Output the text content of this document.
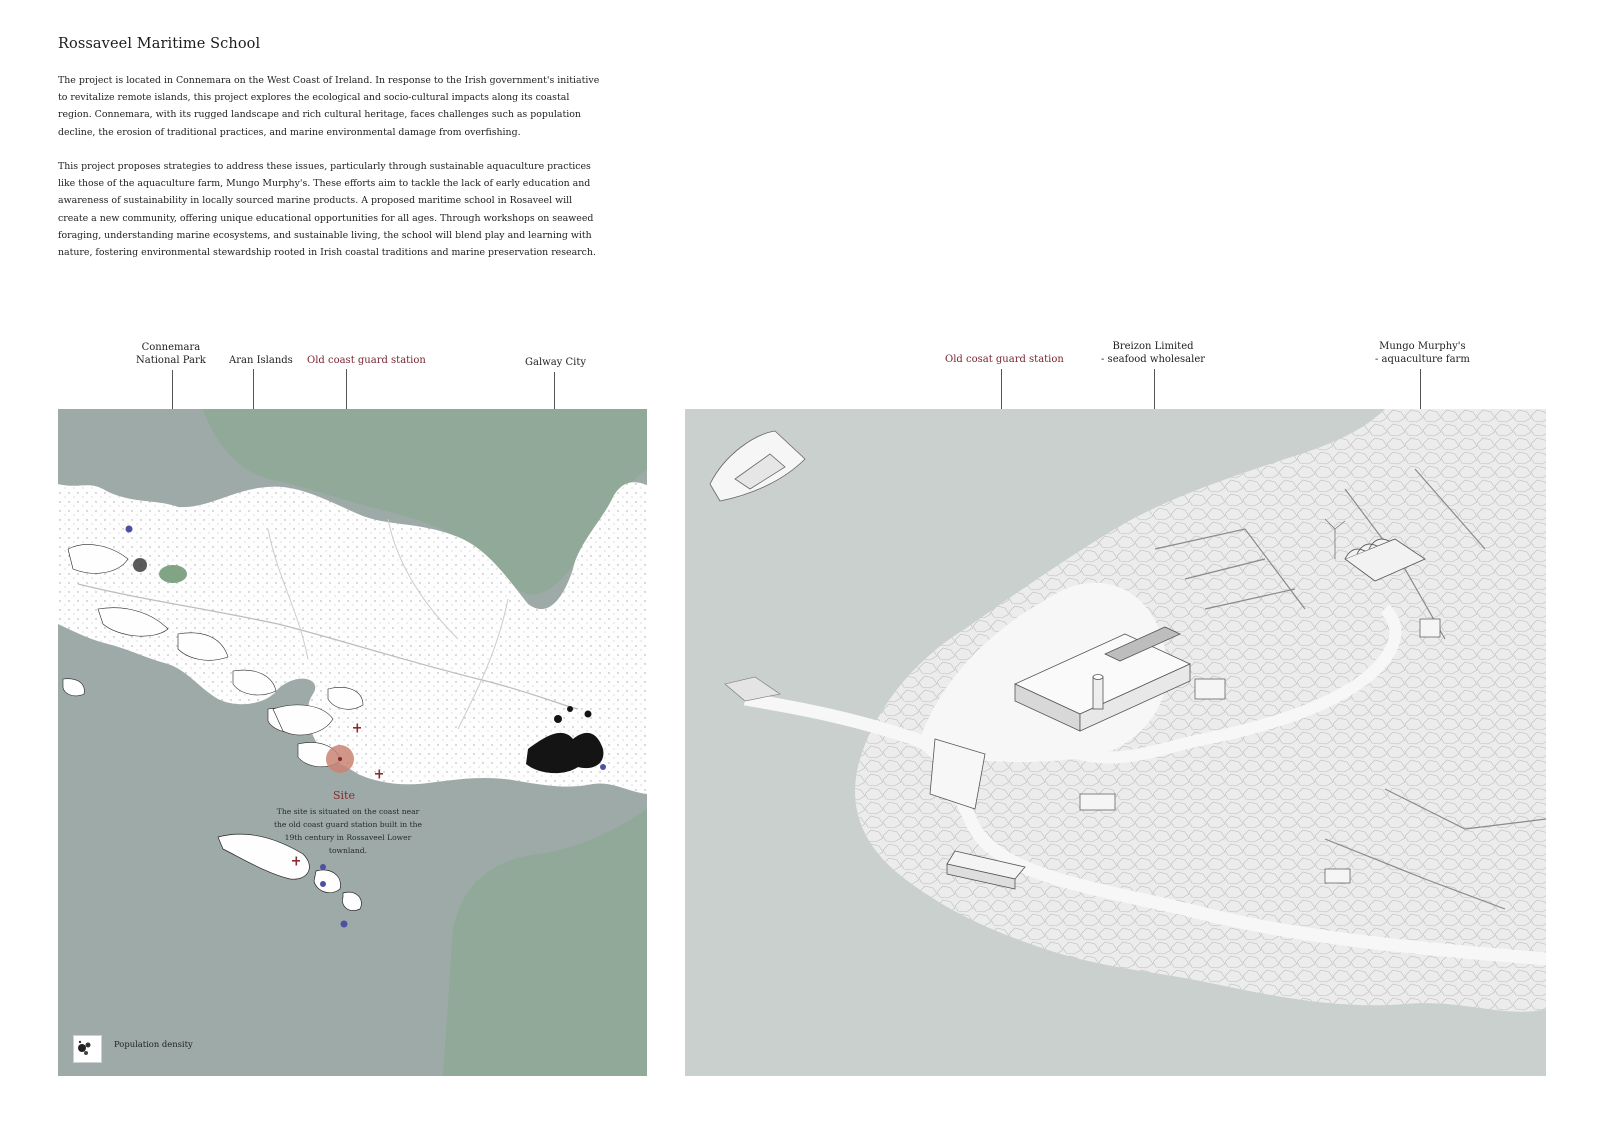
Rossaveel Maritime School

The project is located in Connemara on the West Coast of Ireland. In response to the Irish government's initiative to revitalize remote islands, this project explores the ecological and socio-cultural impacts along its coastal region. Connemara, with its rugged landscape and rich cultural heritage, faces challenges such as population decline, the erosion of traditional practices, and marine environmental damage from overfishing.

This project proposes strategies to address these issues, particularly through sustainable aquaculture practices like those of the aquaculture farm, Mungo Murphy's. These efforts aim to tackle the lack of early education and awareness of sustainability in locally sourced marine products. A proposed maritime school in Rosaveel will create a new community, offering unique educational opportunities for all ages. Through workshops on seaweed foraging, understanding marine ecosystems, and sustainable living, the school will blend play and learning with nature, fostering environmental stewardship rooted in Irish coastal traditions and marine preservation research.

Connemara
National Park Aran Islands Old coast guard station	Galway City	Old cosat guard station
Breizon Limited
- seafood wholesaler
Mungo Murphy's
- aquaculture farm
Site
The site is situated on the coast near the old coast guard station built in the 19th century in Rossaveel Lower townland.
Population density
